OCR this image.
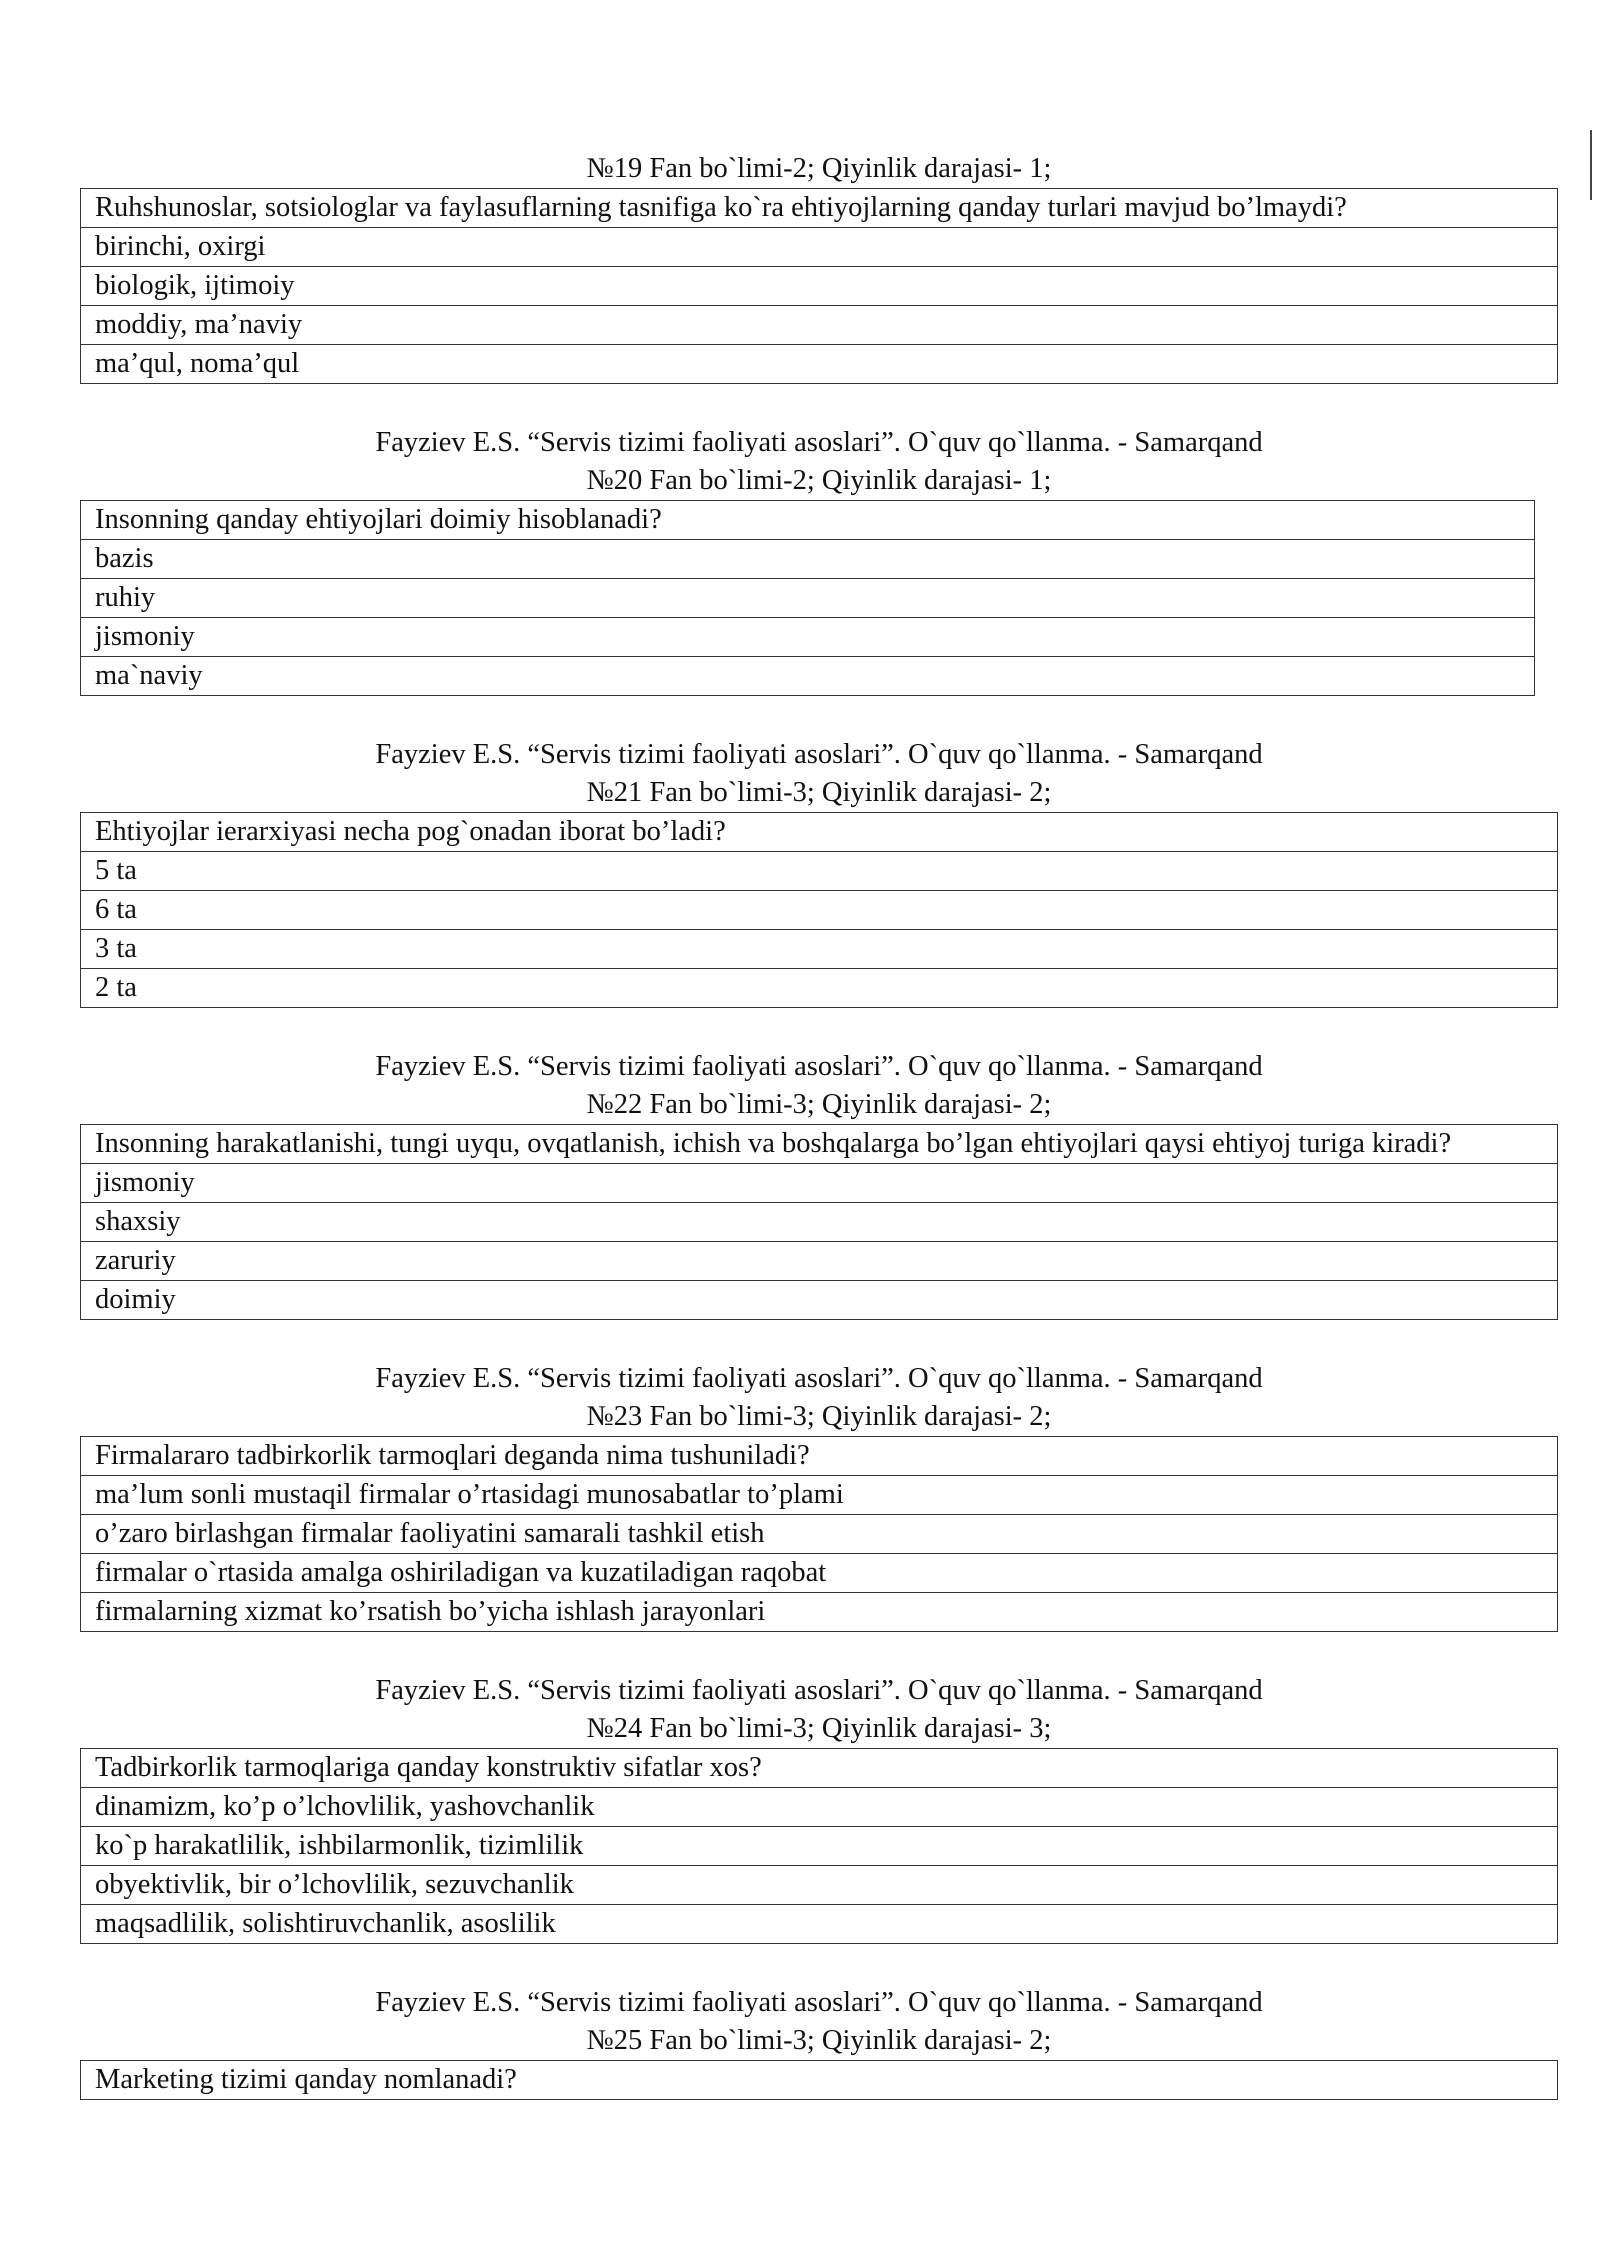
№19 Fan bo`limi-2; Qiyinlik darajasi- 1;
Ruhshunoslar, sotsiologlar va faylasuflarning tasnifiga ko`ra ehtiyojlarning qanday turlari mavjud bo’lmaydi?
birinchi, oxirgi
biologik, ijtimoiy
moddiy, ma’naviy
ma’qul, noma’qul
Fayziev E.S. “Servis tizimi faoliyati asoslari”. O`quv qo`llanma. - Samarqand
№20 Fan bo`limi-2; Qiyinlik darajasi- 1;
Insonning qanday ehtiyojlari doimiy hisoblanadi?
bazis
ruhiy
jismoniy
ma`naviy
Fayziev E.S. “Servis tizimi faoliyati asoslari”. O`quv qo`llanma. - Samarqand
№21 Fan bo`limi-3; Qiyinlik darajasi- 2;
Ehtiyojlar ierarxiyasi necha pog`onadan iborat bo’ladi?
5 ta
6 ta
3 ta
2 ta
Fayziev E.S. “Servis tizimi faoliyati asoslari”. O`quv qo`llanma. - Samarqand
№22 Fan bo`limi-3; Qiyinlik darajasi- 2;
Insonning harakatlanishi, tungi uyqu, ovqatlanish, ichish va boshqalarga bo’lgan ehtiyojlari qaysi ehtiyoj turiga kiradi?
jismoniy
shaxsiy
zaruriy
doimiy
Fayziev E.S. “Servis tizimi faoliyati asoslari”. O`quv qo`llanma. - Samarqand
№23 Fan bo`limi-3; Qiyinlik darajasi- 2;
Firmalararo tadbirkorlik tarmoqlari deganda nima tushuniladi?
ma’lum sonli mustaqil firmalar o’rtasidagi munosabatlar to’plami
o’zaro birlashgan firmalar faoliyatini samarali tashkil etish
firmalar o`rtasida amalga oshiriladigan va kuzatiladigan raqobat
firmalarning xizmat ko’rsatish bo’yicha ishlash jarayonlari
Fayziev E.S. “Servis tizimi faoliyati asoslari”. O`quv qo`llanma. - Samarqand
№24 Fan bo`limi-3; Qiyinlik darajasi- 3;
Tadbirkorlik tarmoqlariga qanday konstruktiv sifatlar xos?
dinamizm, ko’p o’lchovlilik, yashovchanlik
ko`p harakatlilik, ishbilarmonlik, tizimlilik
obyektivlik, bir o’lchovlilik, sezuvchanlik
maqsadlilik, solishtiruvchanlik, asoslilik
Fayziev E.S. “Servis tizimi faoliyati asoslari”. O`quv qo`llanma. - Samarqand
№25 Fan bo`limi-3; Qiyinlik darajasi- 2;
Marketing tizimi qanday nomlanadi?
